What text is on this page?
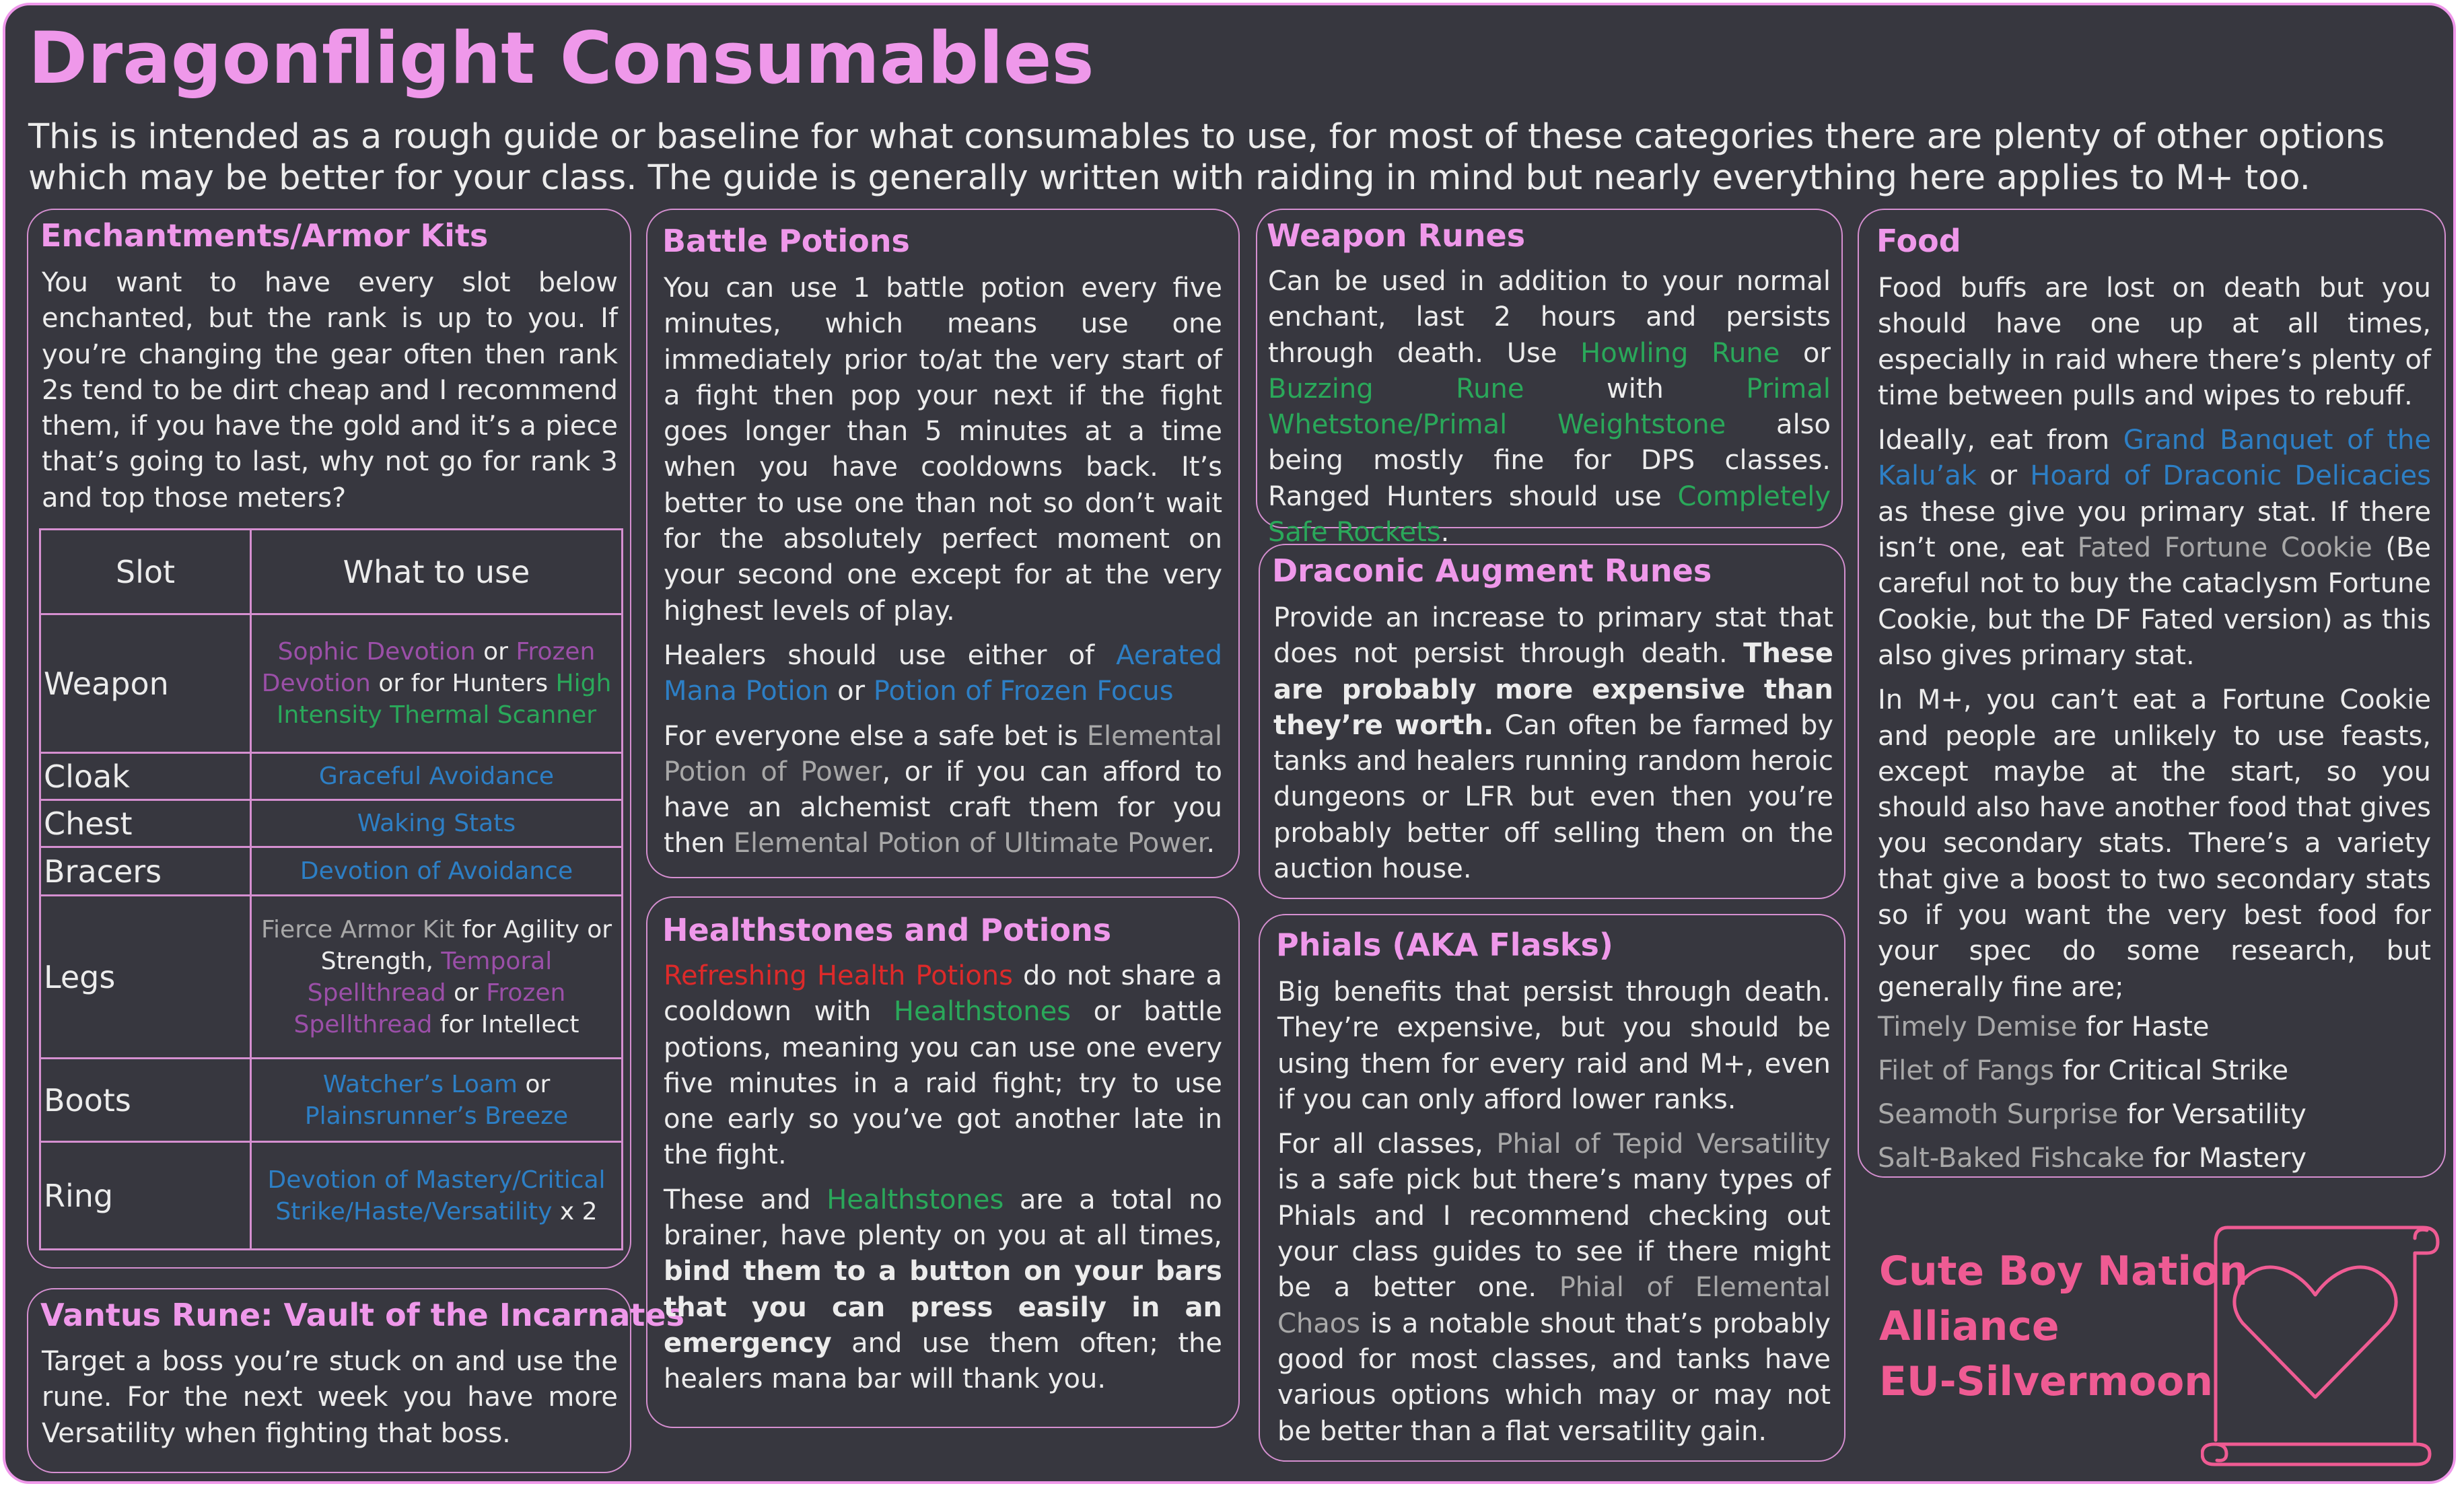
Dragonflight Consumables
This is intended as a rough guide or baseline for what consumables to use, for most of these categories there are plenty of other options which may be better for your class. The guide is generally written with raiding in mind but nearly everything here applies to M+ too.
Enchantments/Armor Kits
You want to have every slot below enchanted, but the rank is up to you. If you’re changing the gear often then rank 2s tend to be dirt cheap and I recommend them, if you have the gold and it’s a piece that’s going to last, why not go for rank 3 and top those meters?
Slot	What to use
Weapon	Sophic Devotion or Frozen Devotion or for Hunters High Intensity Thermal Scanner
Cloak	Graceful Avoidance
Chest	Waking Stats
Bracers	Devotion of Avoidance
Legs	Fierce Armor Kit for Agility or Strength, Temporal Spellthread or Frozen Spellthread for Intellect
Boots	Watcher’s Loam or Plainsrunner’s Breeze
Ring	Devotion of Mastery/Critical Strike/Haste/Versatility x 2
Vantus Rune: Vault of the Incarnates
Target a boss you’re stuck on and use the rune. For the next week you have more Versatility when fighting that boss.
Battle Potions

You can use 1 battle potion every five minutes, which means use one immediately prior to/at the very start of a fight then pop your next if the fight goes longer than 5 minutes at a time when you have cooldowns back. It’s better to use one than not so don’t wait for the absolutely perfect moment on your second one except for at the very highest levels of play.

Healers should use either of Aerated Mana Potion or Potion of Frozen Focus

For everyone else a safe bet is Elemental Potion of Power, or if you can afford to have an alchemist craft them for you then Elemental Potion of Ultimate Power.

Healthstones and Potions

Refreshing Health Potions do not share a cooldown with Healthstones or battle potions, meaning you can use one every five minutes in a raid fight; try to use one early so you’ve got another late in the fight.

These and Healthstones are a total no brainer, have plenty on you at all times, bind them to a button on your bars that you can press easily in an emergency and use them often; the healers mana bar will thank you.

Weapon Runes

Can be used in addition to your normal enchant, last 2 hours and persists through death. Use Howling Rune or Buzzing Rune with Primal Whetstone/Primal Weightstone also being mostly fine for DPS classes. Ranged Hunters should use Completely Safe Rockets.

Draconic Augment Runes

Provide an increase to primary stat that does not persist through death. These are probably more expensive than they’re worth. Can often be farmed by tanks and healers running random heroic dungeons or LFR but even then you’re probably better off selling them on the auction house.

Phials (AKA Flasks)

Big benefits that persist through death. They’re expensive, but you should be using them for every raid and M+, even if you can only afford lower ranks.

For all classes, Phial of Tepid Versatility is a safe pick but there’s many types of Phials and I recommend checking out your class guides to see if there might be a better one. Phial of Elemental Chaos is a notable shout that’s probably good for most classes, and tanks have various options which may or may not be better than a flat versatility gain.

Food

Food buffs are lost on death but you should have one up at all times, especially in raid where there’s plenty of time between pulls and wipes to rebuff.

Ideally, eat from Grand Banquet of the Kalu’ak or Hoard of Draconic Delicacies as these give you primary stat. If there isn’t one, eat Fated Fortune Cookie (Be careful not to buy the cataclysm Fortune Cookie, but the DF Fated version) as this also gives primary stat.

In M+, you can’t eat a Fortune Cookie and people are unlikely to use feasts, except maybe at the start, so you should also have another food that gives you secondary stats. There’s a variety that give a boost to two secondary stats so if you want the very best food for your spec do some research, but generally fine are;

Timely Demise for Haste
Filet of Fangs for Critical Strike
Seamoth Surprise for Versatility
Salt-Baked Fishcake for Mastery
Cute Boy Nation
Alliance
EU-Silvermoon
